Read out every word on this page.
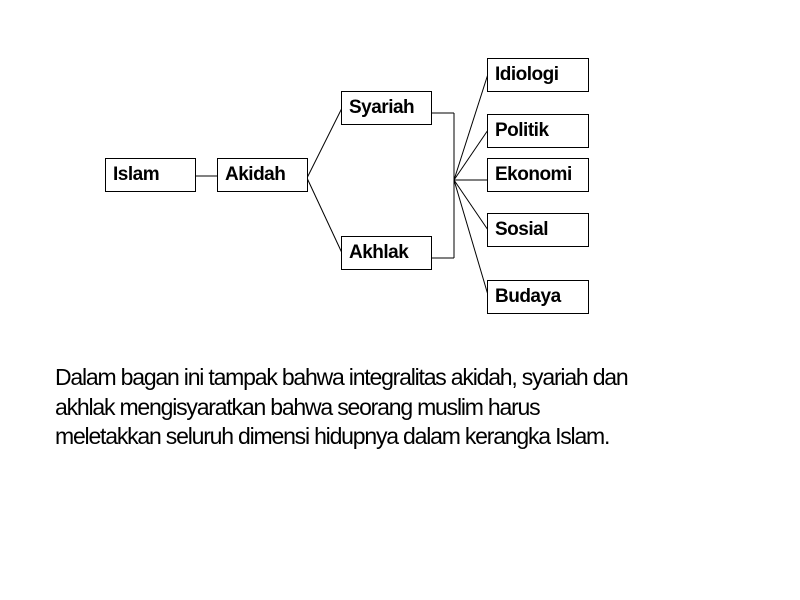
Islam	Akidah
Syariah
Akhlak
Idiologi
Politik
Ekonomi
Sosial
Budaya
Dalam bagan ini tampak bahwa integralitas akidah, syariah dan
akhlak mengisyaratkan bahwa seorang muslim harus
meletakkan seluruh dimensi hidupnya dalam kerangka Islam.
